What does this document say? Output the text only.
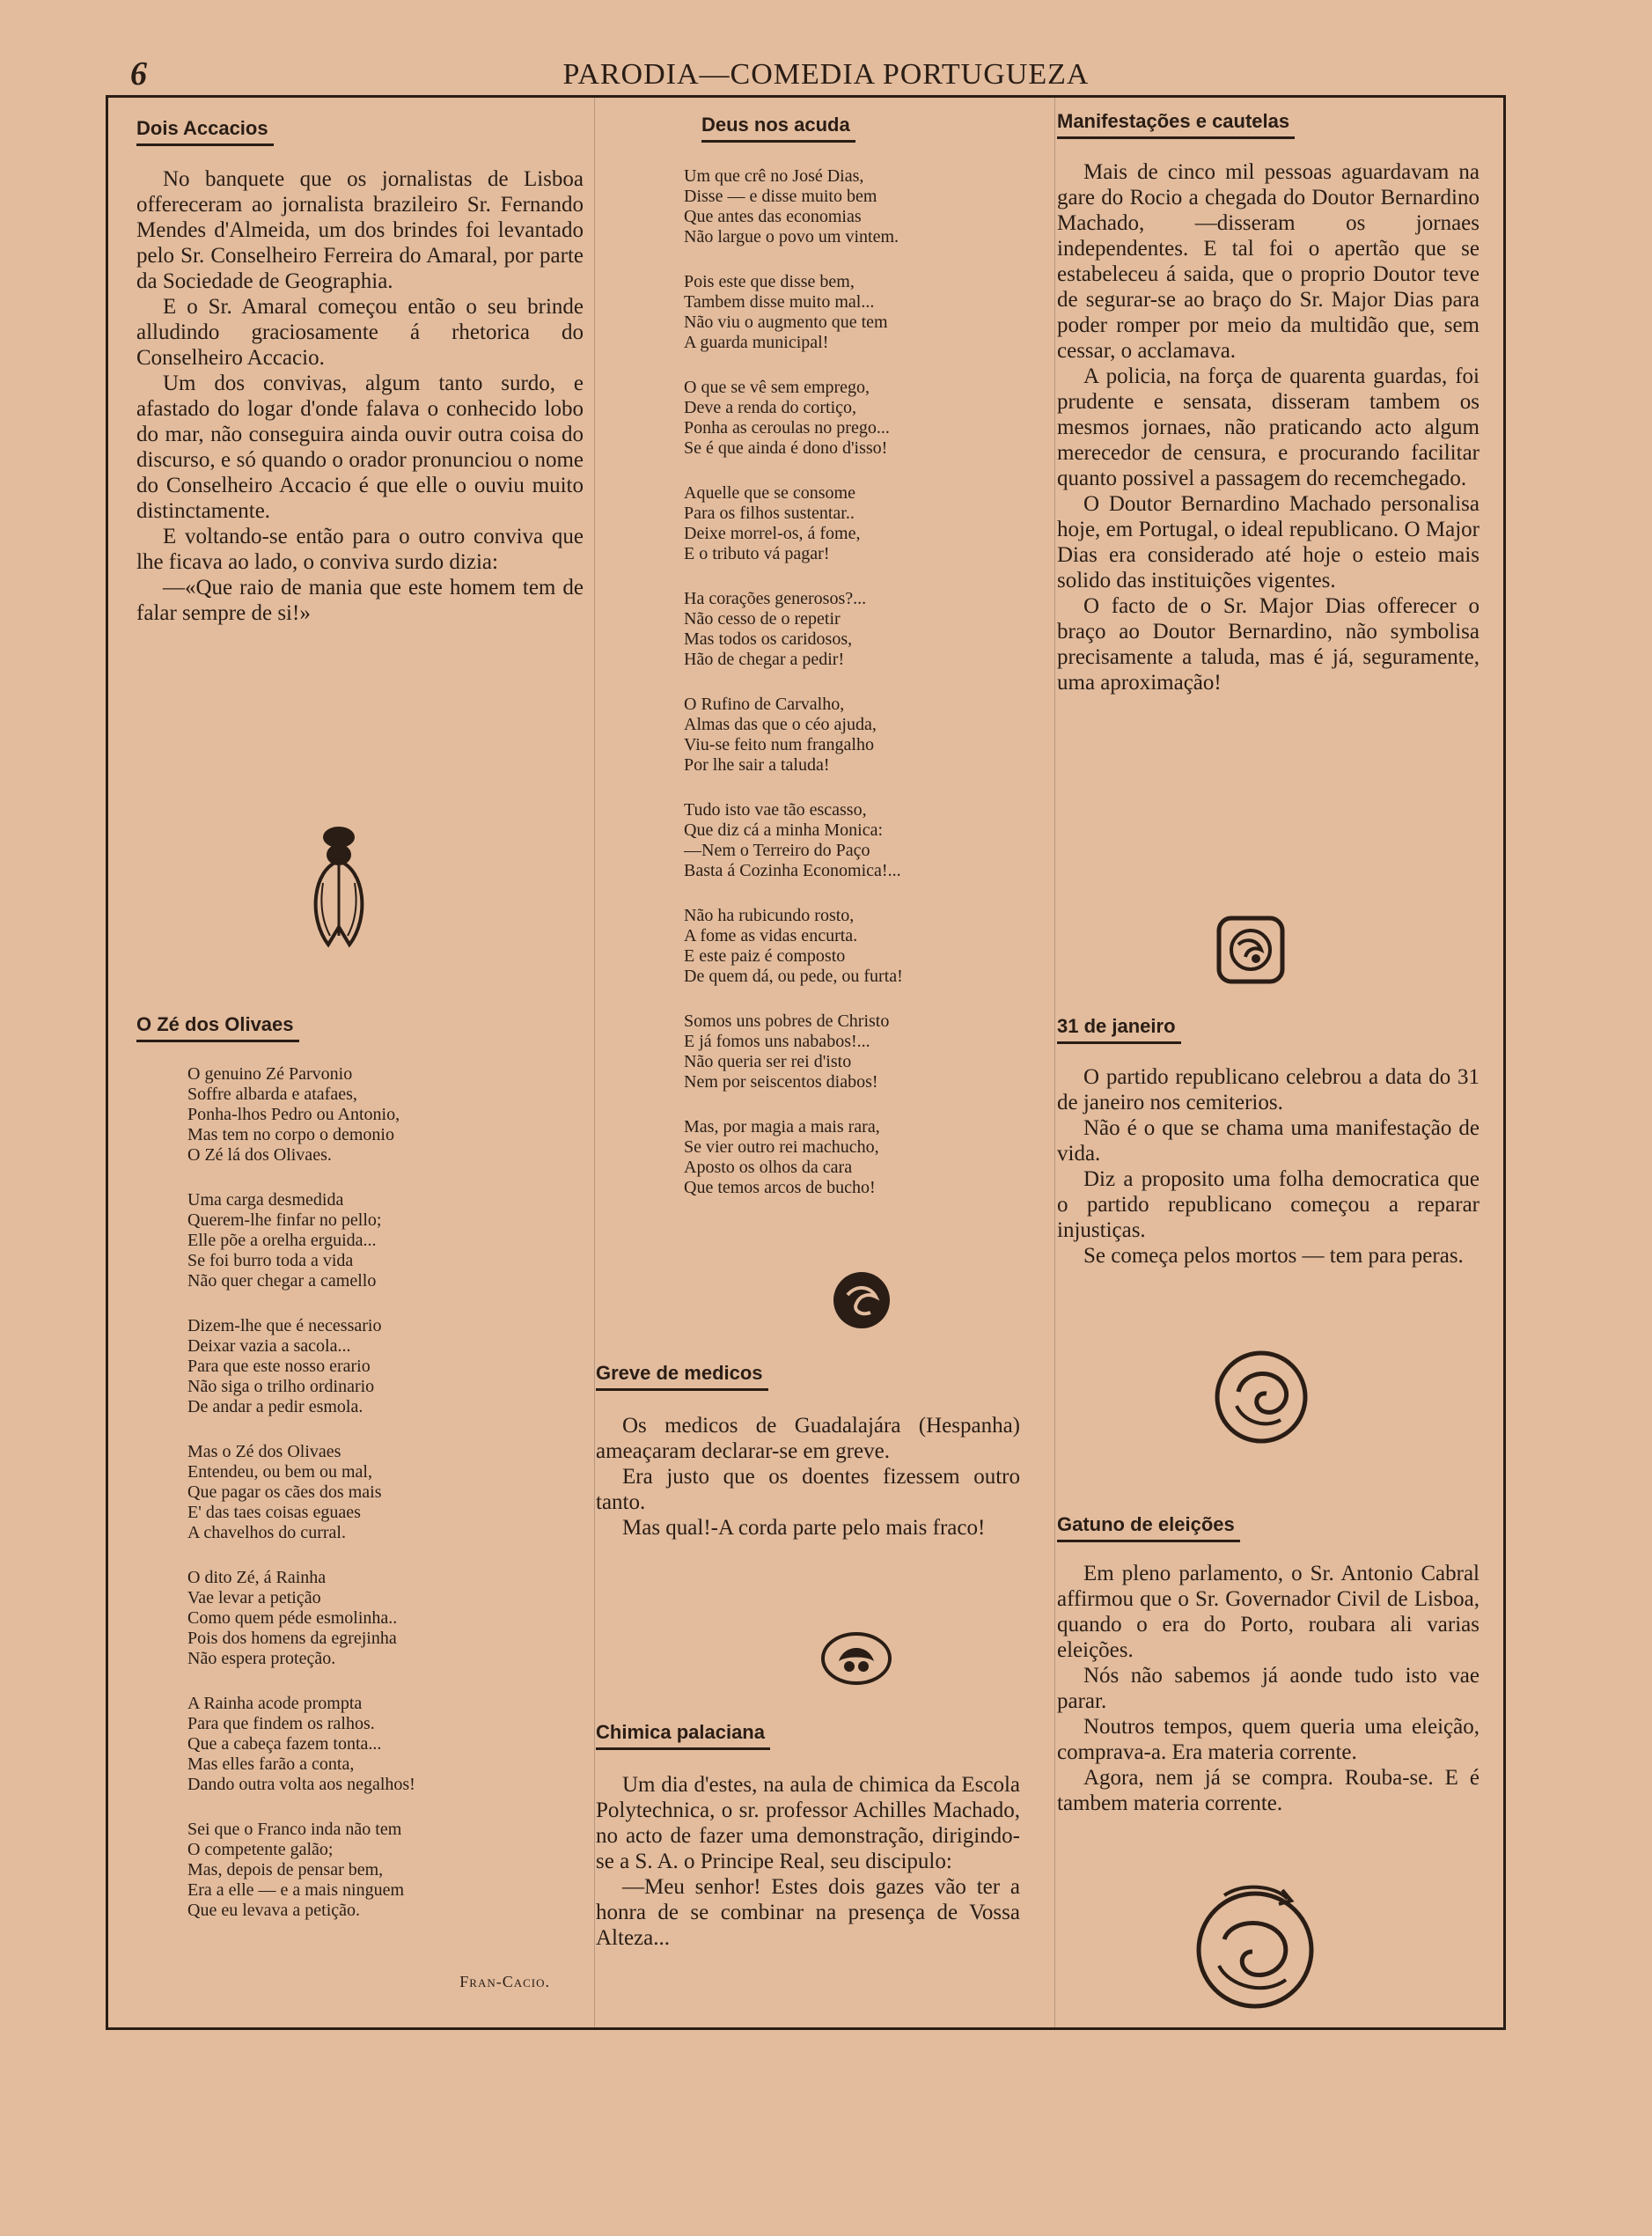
6	PARODIA—COMEDIA PORTUGUEZA
Dois Accacios

No banquete que os jornalistas de Lisboa offereceram ao jornalista brazileiro Sr. Fernando Mendes d'Almeida, um dos brindes foi levantado pelo Sr. Conselheiro Ferreira do Amaral, por parte da Sociedade de Geographia.

E o Sr. Amaral começou então o seu brinde alludindo graciosamente á rhetorica do Conselheiro Accacio.

Um dos convivas, algum tanto surdo, e afastado do logar d'onde falava o conhecido lobo do mar, não conseguira ainda ouvir outra coisa do discurso, e só quando o orador pronunciou o nome do Conselheiro Accacio é que elle o ouviu muito distinctamente.

E voltando-se então para o outro conviva que lhe ficava ao lado, o conviva surdo dizia:

—«Que raio de mania que este homem tem de falar sempre de si!»

O Zé dos Olivaes
O genuino Zé Parvonio
Soffre albarda e atafaes,
Ponha-lhos Pedro ou Antonio,
Mas tem no corpo o demonio
O Zé lá dos Olivaes.
Uma carga desmedida
Querem-lhe finfar no pello;
Elle põe a orelha erguida...
Se foi burro toda a vida
Não quer chegar a camello
Dizem-lhe que é necessario
Deixar vazia a sacola...
Para que este nosso erario
Não siga o trilho ordinario
De andar a pedir esmola.
Mas o Zé dos Olivaes
Entendeu, ou bem ou mal,
Que pagar os cães dos mais
E' das taes coisas eguaes
A chavelhos do curral.
O dito Zé, á Rainha
Vae levar a petição
Como quem péde esmolinha..
Pois dos homens da egrejinha
Não espera proteção.
A Rainha acode prompta
Para que findem os ralhos.
Que a cabeça fazem tonta...
Mas elles farão a conta,
Dando outra volta aos negalhos!
Sei que o Franco inda não tem
O competente galão;
Mas, depois de pensar bem,
Era a elle — e a mais ninguem
Que eu levava a petição.
Fran-Cacio.
Deus nos acuda
Um que crê no José Dias,
Disse — e disse muito bem
Que antes das economias
Não largue o povo um vintem.
Pois este que disse bem,
Tambem disse muito mal...
Não viu o augmento que tem
A guarda municipal!
O que se vê sem emprego,
Deve a renda do cortiço,
Ponha as ceroulas no prego...
Se é que ainda é dono d'isso!
Aquelle que se consome
Para os filhos sustentar..
Deixe morrel-os, á fome,
E o tributo vá pagar!
Ha corações generosos?...
Não cesso de o repetir
Mas todos os caridosos,
Hão de chegar a pedir!
O Rufino de Carvalho,
Almas das que o céo ajuda,
Viu-se feito num frangalho
Por lhe sair a taluda!
Tudo isto vae tão escasso,
Que diz cá a minha Monica:
—Nem o Terreiro do Paço
Basta á Cozinha Economica!...
Não ha rubicundo rosto,
A fome as vidas encurta.
E este paiz é composto
De quem dá, ou pede, ou furta!
Somos uns pobres de Christo
E já fomos uns nababos!...
Não queria ser rei d'isto
Nem por seiscentos diabos!
Mas, por magia a mais rara,
Se vier outro rei machucho,
Aposto os olhos da cara
Que temos arcos de bucho!
Greve de medicos

Os medicos de Guadalajára (Hespanha) ameaçaram declarar-se em greve.

Era justo que os doentes fizessem outro tanto.

Mas qual!-A corda parte pelo mais fraco!

Chimica palaciana

Um dia d'estes, na aula de chimica da Escola Polytechnica, o sr. professor Achilles Machado, no acto de fazer uma demonstração, dirigindo-se a S. A. o Principe Real, seu discipulo:

—Meu senhor! Estes dois gazes vão ter a honra de se combinar na presença de Vossa Alteza...

Manifestações e cautelas

Mais de cinco mil pessoas aguardavam na gare do Rocio a chegada do Doutor Bernardino Machado, —disseram os jornaes independentes. E tal foi o apertão que se estabeleceu á saida, que o proprio Doutor teve de segurar-se ao braço do Sr. Major Dias para poder romper por meio da multidão que, sem cessar, o acclamava.

A policia, na força de quarenta guardas, foi prudente e sensata, disseram tambem os mesmos jornaes, não praticando acto algum merecedor de censura, e procurando facilitar quanto possivel a passagem do recemchegado.

O Doutor Bernardino Machado personalisa hoje, em Portugal, o ideal republicano. O Major Dias era considerado até hoje o esteio mais solido das instituições vigentes.

O facto de o Sr. Major Dias offerecer o braço ao Doutor Bernardino, não symbolisa precisamente a taluda, mas é já, seguramente, uma aproximação!

31 de janeiro

O partido republicano celebrou a data do 31 de janeiro nos cemiterios.

Não é o que se chama uma manifestação de vida.

Diz a proposito uma folha democratica que o partido republicano começou a reparar injustiças.

Se começa pelos mortos — tem para peras.

Gatuno de eleições

Em pleno parlamento, o Sr. Antonio Cabral affirmou que o Sr. Governador Civil de Lisboa, quando o era do Porto, roubara ali varias eleições.

Nós não sabemos já aonde tudo isto vae parar.

Noutros tempos, quem queria uma eleição, comprava-a. Era materia corrente.

Agora, nem já se compra. Rouba-se. E é tambem materia corrente.
